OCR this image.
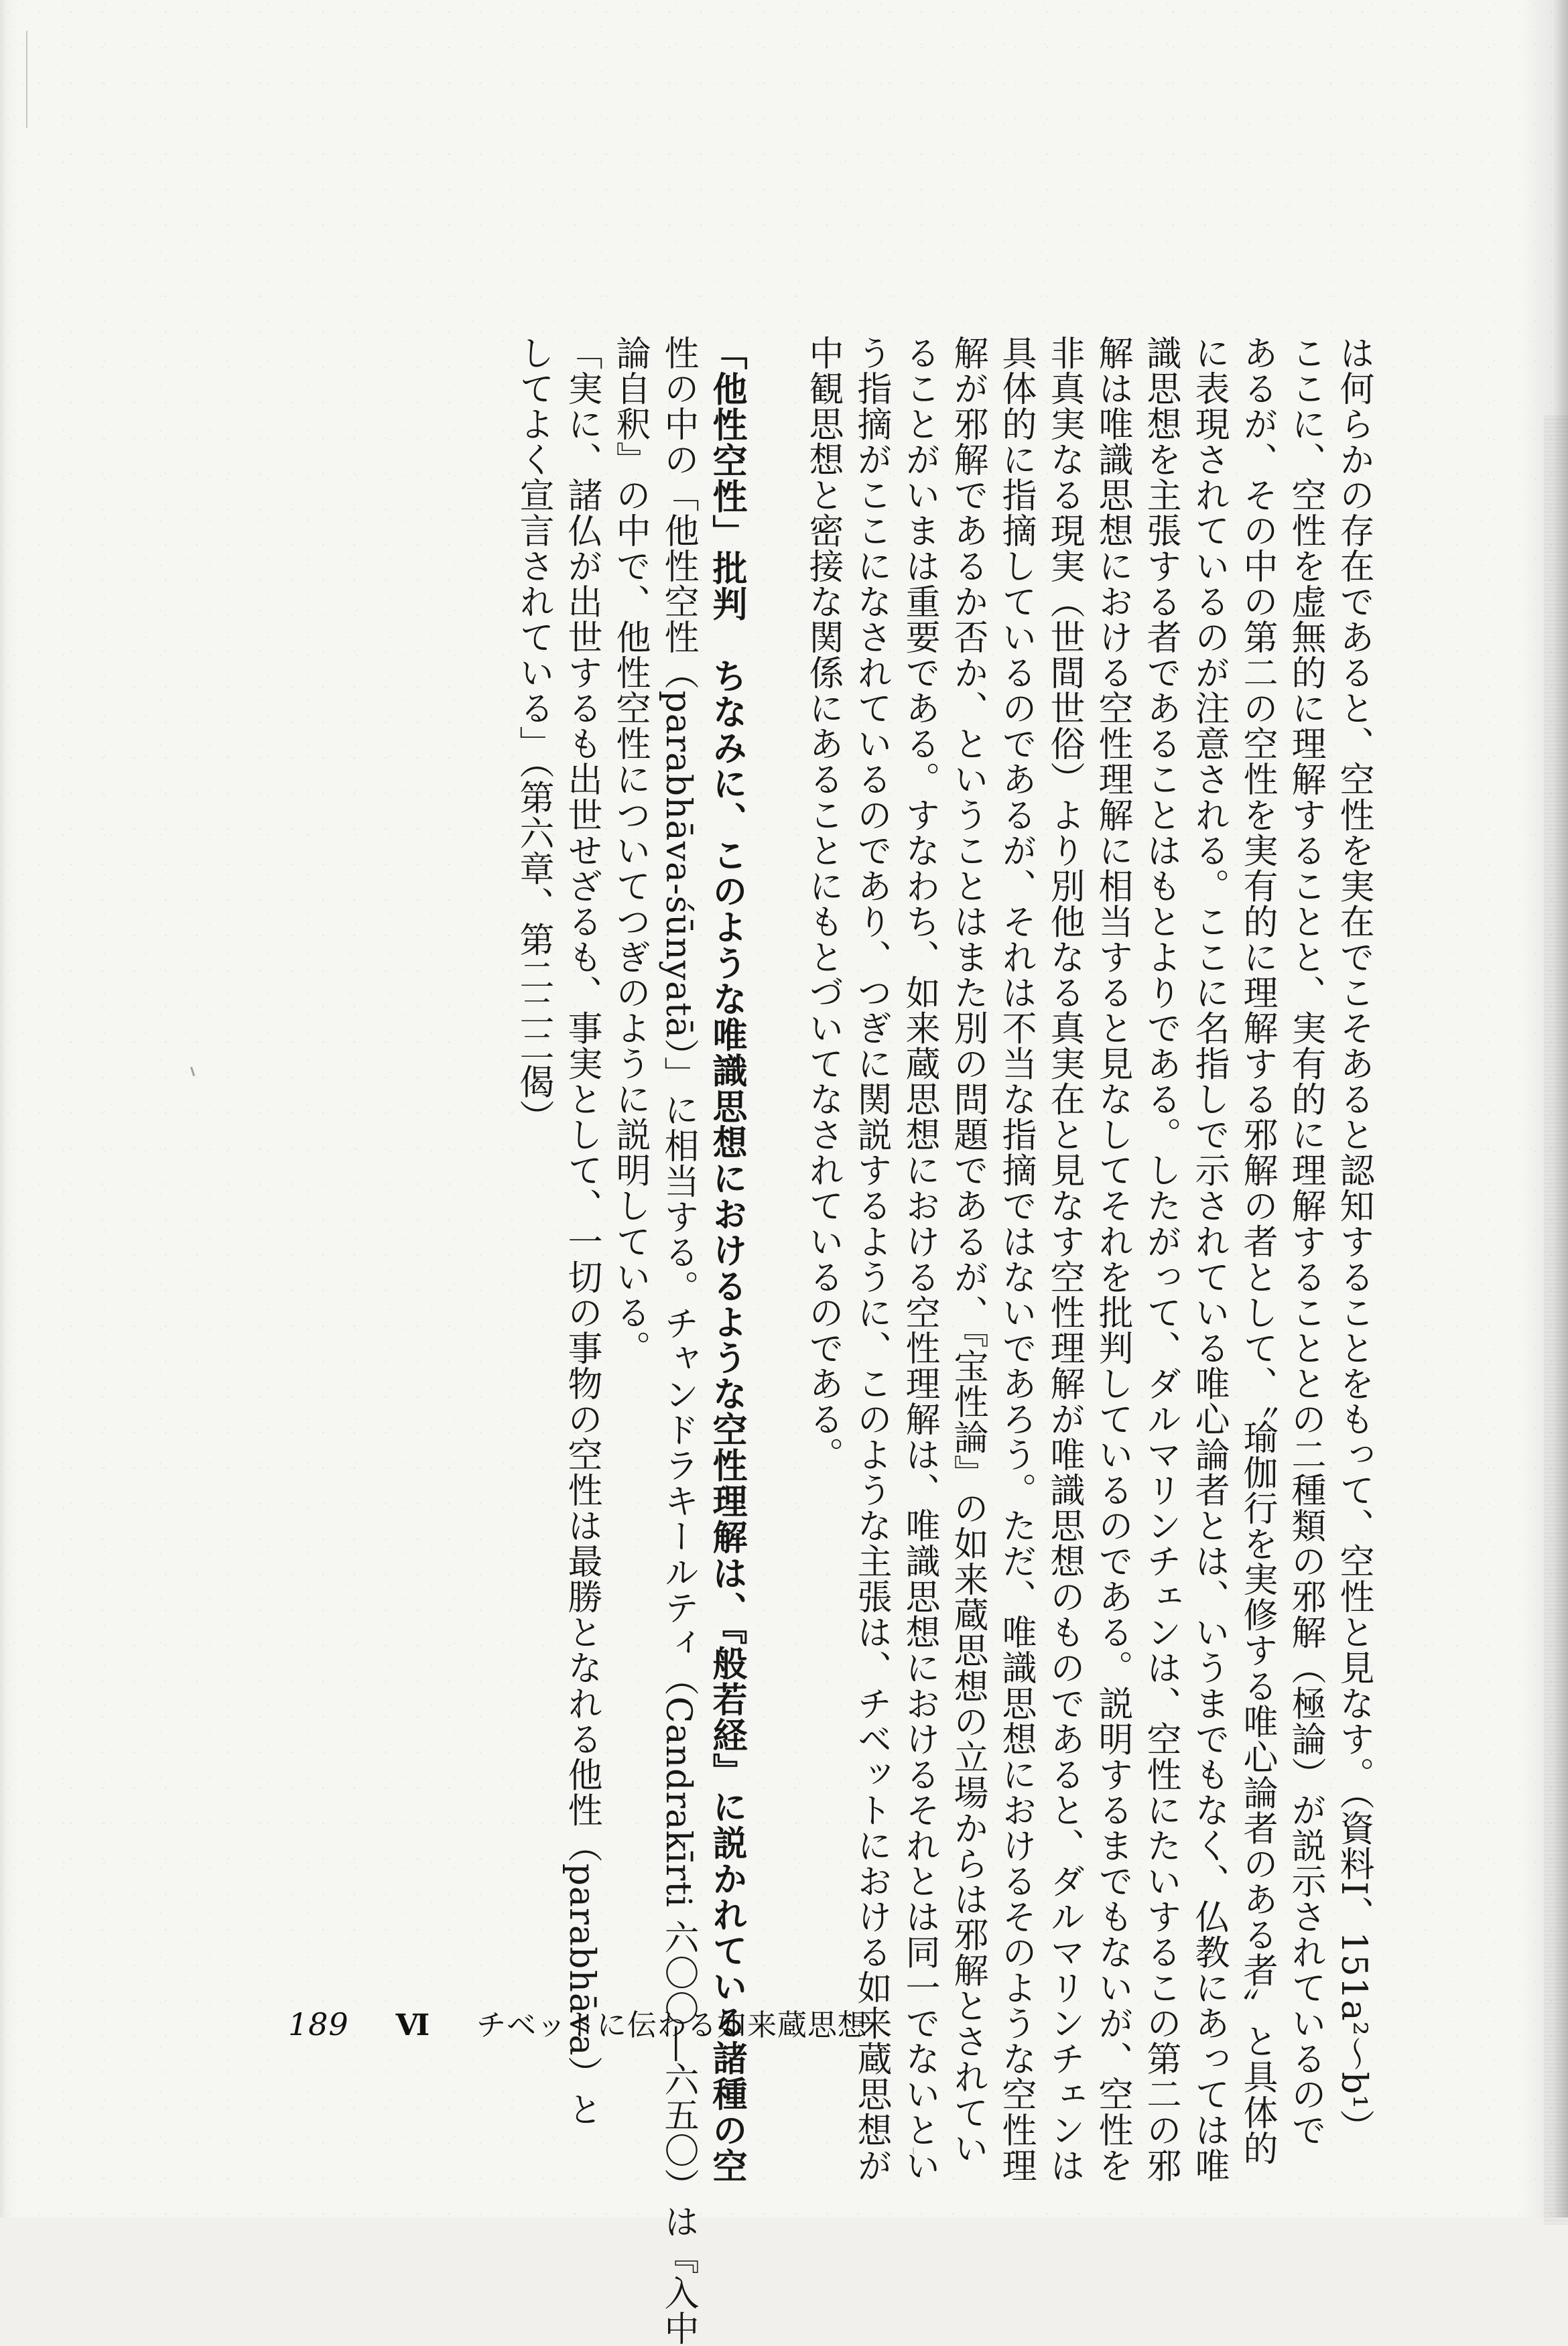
は何らかの存在であると、空性を実在でこそあると認知することをもって、空性と見なす。（資料I、151a²〜b¹）

ここに、空性を虚無的に理解することと、実有的に理解することとの二種類の邪解（極論）が説示されているので

あるが、その中の第二の空性を実有的に理解する邪解の者として、〝瑜伽行を実修する唯心論者のある者〟と具体的

に表現されているのが注意される。ここに名指しで示されている唯心論者とは、いうまでもなく、仏教にあっては唯

識思想を主張する者であることはもとよりである。したがって、ダルマリンチェンは、空性にたいするこの第二の邪

解は唯識思想における空性理解に相当すると見なしてそれを批判しているのである。説明するまでもないが、空性を

非真実なる現実（世間世俗）より別他なる真実在と見なす空性理解が唯識思想のものであると、ダルマリンチェンは

具体的に指摘しているのであるが、それは不当な指摘ではないであろう。ただ、唯識思想におけるそのような空性理

解が邪解であるか否か、ということはまた別の問題であるが、『宝性論』の如来蔵思想の立場からは邪解とされてい

ることがいまは重要である。すなわち、如来蔵思想における空性理解は、唯識思想におけるそれとは同一でないとい

う指摘がここになされているのであり、つぎに関説するように、このような主張は、チベットにおける如来蔵思想が

中観思想と密接な関係にあることにもとづいてなされているのである。

「他性空性」批判　ちなみに、このような唯識思想におけるような空性理解は、『般若経』に説かれている諸種の空

性の中の「他性空性（parabhāva-śūnyatā）」に相当する。チャンドラキールティ（Candrakīrti 六〇〇―六五〇）は『入中

論自釈』の中で、他性空性についてつぎのように説明している。

「実に、諸仏が出世するも出世せざるも、事実として、一切の事物の空性は最勝となれる他性（parabhāva）と

してよく宣言されている」（第六章、第二二二偈）

189 Ⅵ チベットに伝わる如来蔵思想
